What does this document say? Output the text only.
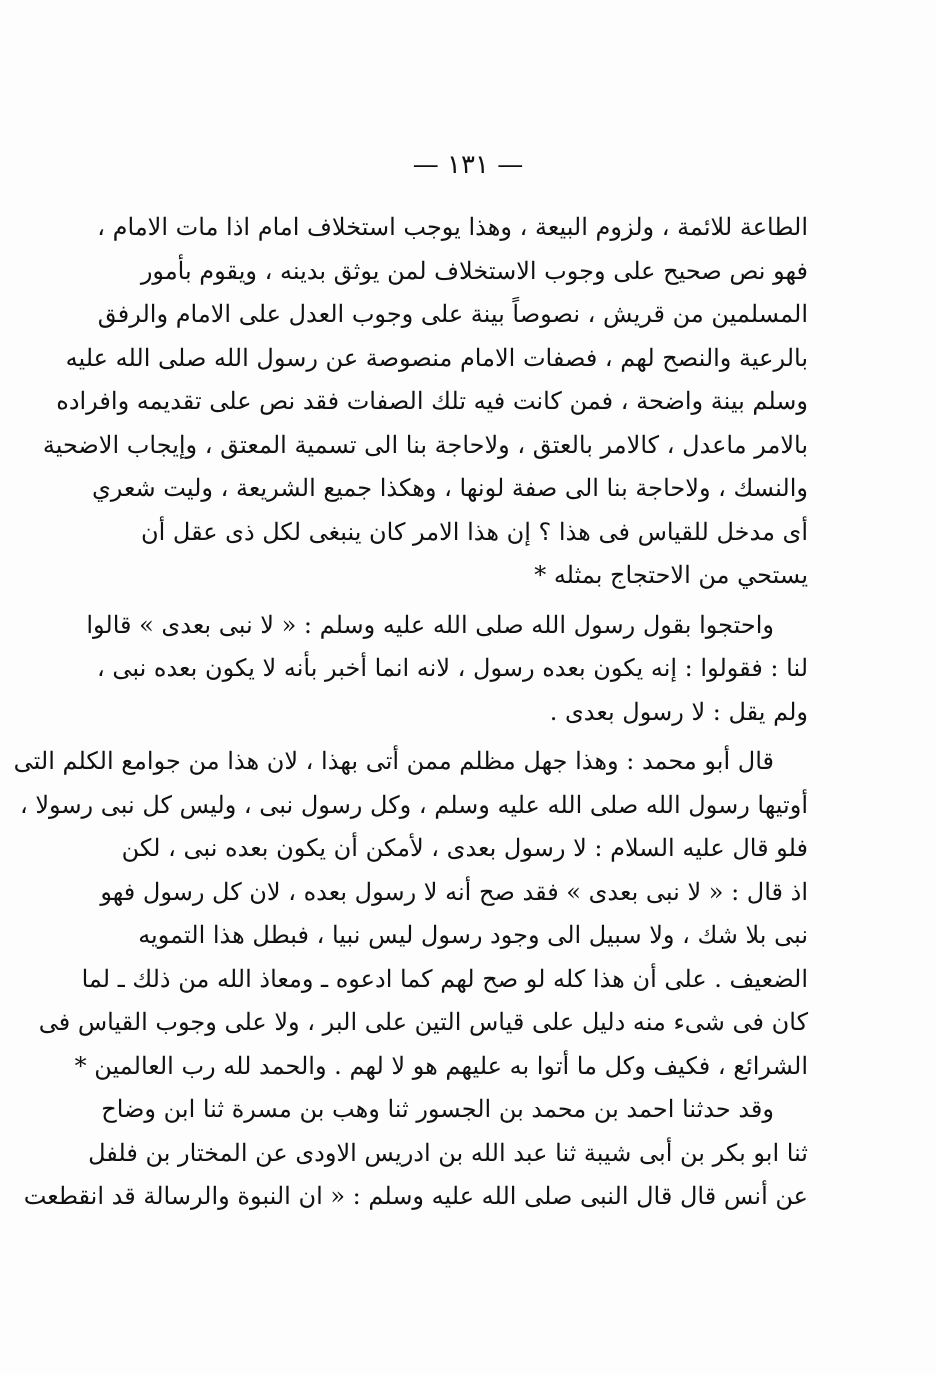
— ١٣١ —
الطاعة للائمة ، ولزوم البيعة ، وهذا يوجب استخلاف امام اذا مات الامام ،
فهو نص صحيح على وجوب الاستخلاف لمن يوثق بدينه ، ويقوم بأمور
المسلمين من قريش ، نصوصاً بينة على وجوب العدل على الامام والرفق
بالرعية والنصح لهم ، فصفات الامام منصوصة عن رسول الله صلى الله عليه
وسلم بينة واضحة ، فمن كانت فيه تلك الصفات فقد نص على تقديمه وافراده
بالامر ماعدل ، كالامر بالعتق ، ولاحاجة بنا الى تسمية المعتق ، وإيجاب الاضحية
والنسك ، ولاحاجة بنا الى صفة لونها ، وهكذا جميع الشريعة ، وليت شعري
أى مدخل للقياس فى هذا ؟ إن هذا الامر كان ينبغى لكل ذى عقل أن
يستحي من الاحتجاج بمثله *
واحتجوا بقول رسول الله صلى الله عليه وسلم : « لا نبى بعدى » قالوا
لنا : فقولوا : إنه يكون بعده رسول ، لانه انما أخبر بأنه لا يكون بعده نبى ،
ولم يقل : لا رسول بعدى .
قال أبو محمد : وهذا جهل مظلم ممن أتى بهذا ، لان هذا من جوامع الكلم التى
أوتيها رسول الله صلى الله عليه وسلم ، وكل رسول نبى ، وليس كل نبى رسولا ،
فلو قال عليه السلام : لا رسول بعدى ، لأمكن أن يكون بعده نبى ، لكن
اذ قال : « لا نبى بعدى » فقد صح أنه لا رسول بعده ، لان كل رسول فهو
نبى بلا شك ، ولا سبيل الى وجود رسول ليس نبيا ، فبطل هذا التمويه
الضعيف . على أن هذا كله لو صح لهم كما ادعوه ـ ومعاذ الله من ذلك ـ لما
كان فى شىء منه دليل على قياس التين على البر ، ولا على وجوب القياس فى
الشرائع ، فكيف وكل ما أتوا به عليهم هو لا لهم . والحمد لله رب العالمين *
وقد حدثنا احمد بن محمد بن الجسور ثنا وهب بن مسرة ثنا ابن وضاح
ثنا ابو بكر بن أبى شيبة ثنا عبد الله بن ادريس الاودى عن المختار بن فلفل
عن أنس قال قال النبى صلى الله عليه وسلم : « ان النبوة والرسالة قد انقطعت
